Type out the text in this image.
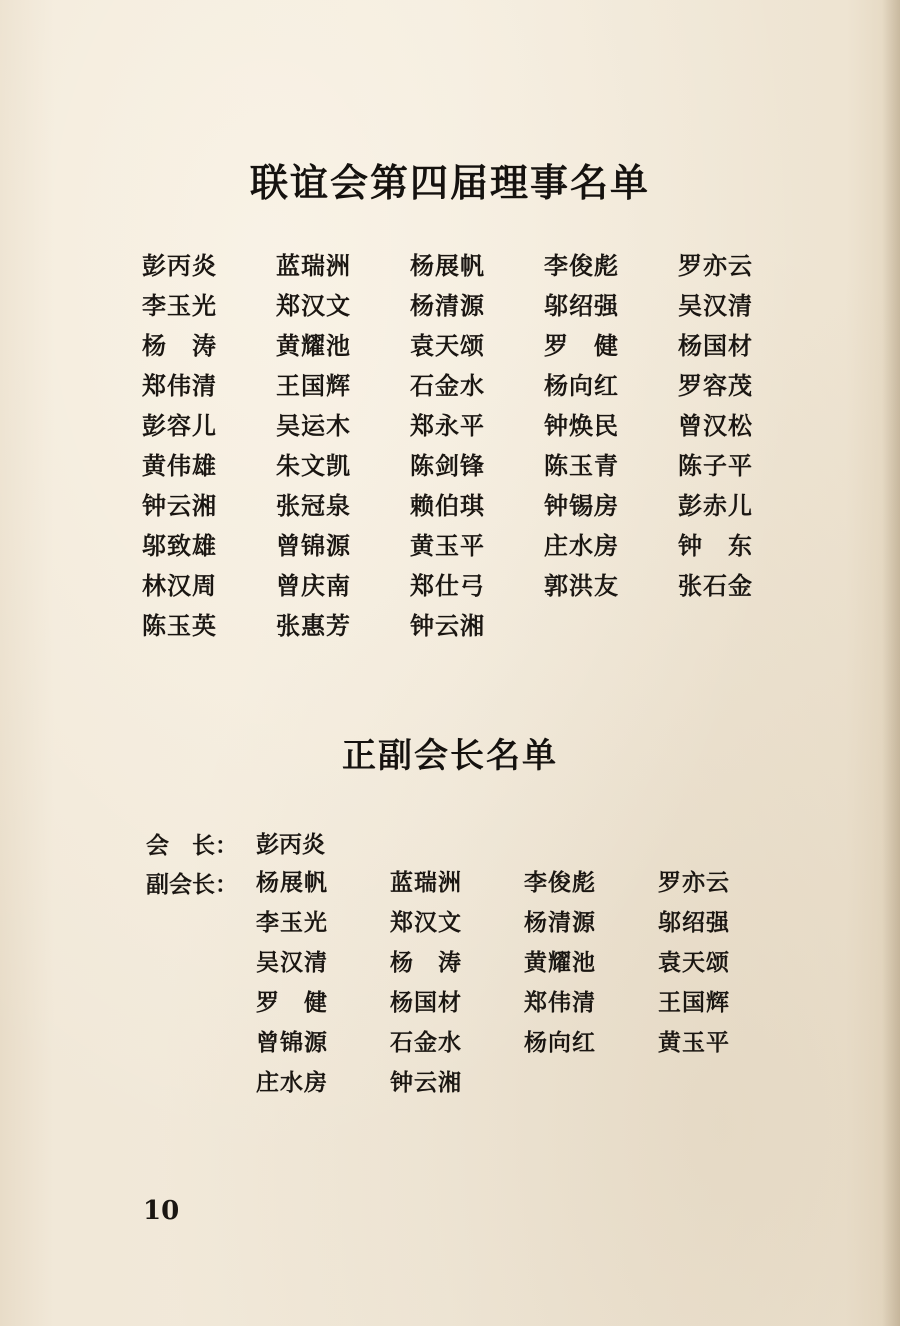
联谊会第四届理事名单
彭丙炎	蓝瑞洲	杨展帆	李俊彪	罗亦云
李玉光	郑汉文	杨清源	邬绍强	吴汉清
杨　涛	黄耀池	袁天颂	罗　健	杨国材
郑伟清	王国辉	石金水	杨向红	罗容茂
彭容儿	吴运木	郑永平	钟焕民	曾汉松
黄伟雄	朱文凯	陈剑锋	陈玉青	陈子平
钟云湘	张冠泉	赖伯琪	钟锡房	彭赤儿
邬致雄	曾锦源	黄玉平	庄水房	钟　东
林汉周	曾庆南	郑仕弓	郭洪友	张石金
陈玉英	张惠芳	钟云湘
正副会长名单
会　长： 彭丙炎
副会长： 杨展帆	蓝瑞洲	李俊彪	罗亦云
李玉光	郑汉文	杨清源	邬绍强
吴汉清	杨　涛	黄耀池	袁天颂
罗　健	杨国材	郑伟清	王国辉
曾锦源	石金水	杨向红	黄玉平
庄水房	钟云湘
10
